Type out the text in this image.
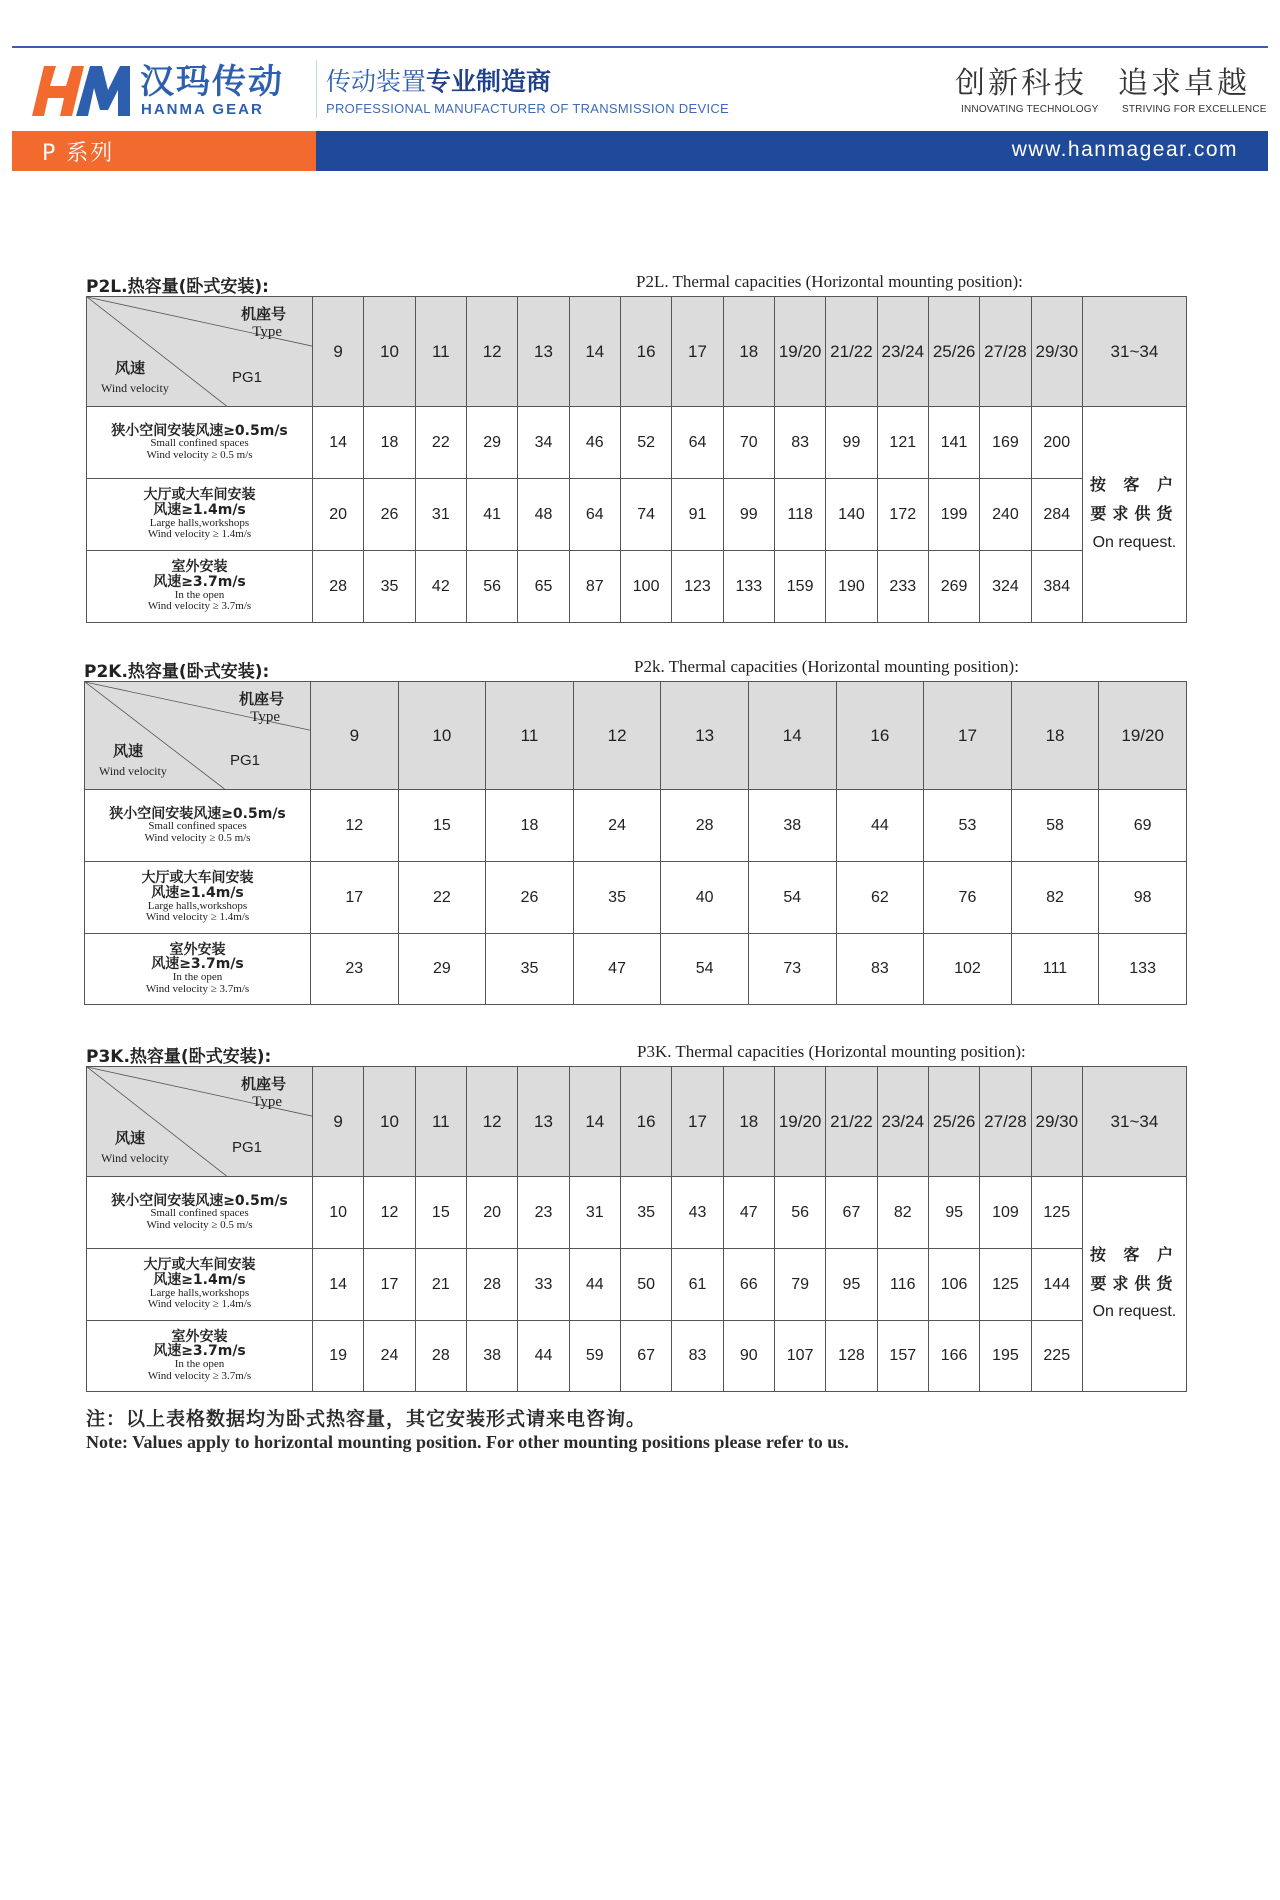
汉玛传动
HANMA GEAR
传动装置专业制造商
PROFESSIONAL MANUFACTURER OF TRANSMISSION DEVICE
创新科技
INNOVATING TECHNOLOGY
追求卓越
STRIVING FOR EXCELLENCE
P 系列	www.hanmagear.com
P2L.热容量(卧式安装):	P2L. Thermal capacities (Horizontal mounting position):
机座号
Type
PG1
风速
Wind velocity	9	10	11	12	13	14	16	17	18	19/20	21/22	23/24	25/26	27/28	29/30	31~34

狭小空间安装风速≥0.5m/s
Small confined spaces
Wind velocity ≥ 0.5 m/s	14	18	22	29	34	46	52	64	70	83	99	121	141	169	200	按 客 户
要求供货
On request.

大厅或大车间安装
风速≥1.4m/s
Large halls,workshops
Wind velocity ≥ 1.4m/s	20	26	31	41	48	64	74	91	99	118	140	172	199	240	284	

室外安装
风速≥3.7m/s
In the open
Wind velocity ≥ 3.7m/s	28	35	42	56	65	87	100	123	133	159	190	233	269	324	384	
P2K.热容量(卧式安装):	P2k. Thermal capacities (Horizontal mounting position):
机座号
Type
PG1
风速
Wind velocity	9	10	11	12	13	14	16	17	18	19/20

狭小空间安装风速≥0.5m/s
Small confined spaces
Wind velocity ≥ 0.5 m/s	12	15	18	24	28	38	44	53	58	69

大厅或大车间安装
风速≥1.4m/s
Large halls,workshops
Wind velocity ≥ 1.4m/s	17	22	26	35	40	54	62	76	82	98

室外安装
风速≥3.7m/s
In the open
Wind velocity ≥ 3.7m/s	23	29	35	47	54	73	83	102	111	133
P3K.热容量(卧式安装):	P3K. Thermal capacities (Horizontal mounting position):
机座号
Type
PG1
风速
Wind velocity	9	10	11	12	13	14	16	17	18	19/20	21/22	23/24	25/26	27/28	29/30	31~34

狭小空间安装风速≥0.5m/s
Small confined spaces
Wind velocity ≥ 0.5 m/s	10	12	15	20	23	31	35	43	47	56	67	82	95	109	125	按 客 户
要求供货
On request.

大厅或大车间安装
风速≥1.4m/s
Large halls,workshops
Wind velocity ≥ 1.4m/s	14	17	21	28	33	44	50	61	66	79	95	116	106	125	144	

室外安装
风速≥3.7m/s
In the open
Wind velocity ≥ 3.7m/s	19	24	28	38	44	59	67	83	90	107	128	157	166	195	225	
注：以上表格数据均为卧式热容量，其它安装形式请来电咨询。
Note: Values apply to horizontal mounting position. For other mounting positions please refer to us.
